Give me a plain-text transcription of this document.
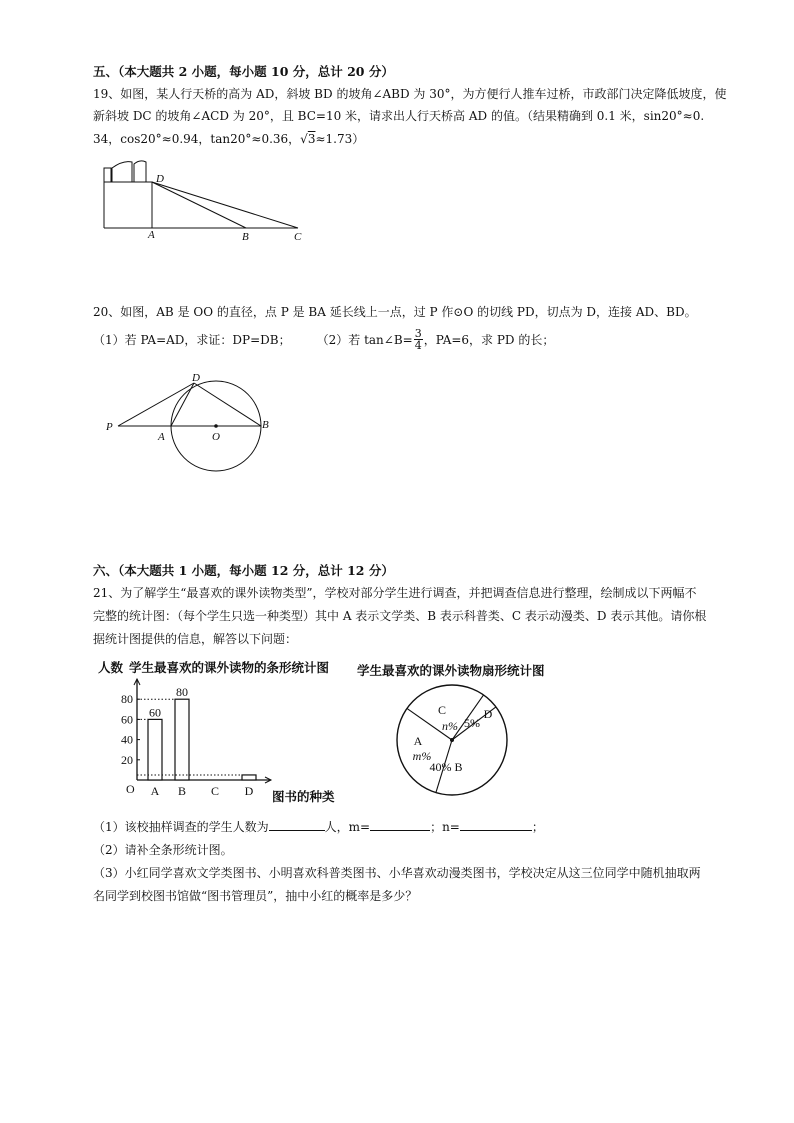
五、（本大题共 2 小题，每小题 10 分，总计 20 分）
19、如图，某人行天桥的高为 AD，斜坡 BD 的坡角∠ABD 为 30°，为方便行人推车过桥，市政部门决定降低坡度，使
新斜坡 DC 的坡角∠ACD 为 20°，且 BC=10 米，请求出人行天桥高 AD 的值。（结果精确到 0.1 米，sin20°≈0.
34，cos20°≈0.94，tan20°≈0.36，√3≈1.73）
D
A	B	C
20、如图，AB 是 OO 的直径，点 P 是 BA 延长线上一点，过 P 作⊙O 的切线 PD，切点为 D，连接 AD、BD。
（1）若 PA=AD，求证：DP=DB； （2）若 tan∠B= $\frac{3}{4}$ ，PA=6，求 PD 的长；
P
A	O
B
D
六、（本大题共 1 小题，每小题 12 分，总计 12 分）
21、为了解学生“最喜欢的课外读物类型”，学校对部分学生进行调查，并把调查信息进行整理，绘制成以下两幅不
完整的统计图：（每个学生只选一种类型）其中 A 表示文学类、B 表示科普类、C 表示动漫类、D 表示其他。请你根
据统计图提供的信息，解答以下问题：
人数 学生最喜欢的课外读物的条形统计图
图书的种类
O
20
40
60
80
A
60
B
80
C D
学生最喜欢的课外读物扇形统计图
D
5%
40% B
A
m%
C
n%
（1）该校抽样调查的学生人数为	人，m=	；n=	；
（2）请补全条形统计图。
（3）小红同学喜欢文学类图书、小明喜欢科普类图书、小华喜欢动漫类图书，学校决定从这三位同学中随机抽取两
名同学到校图书馆做“图书管理员”，抽中小红的概率是多少？
